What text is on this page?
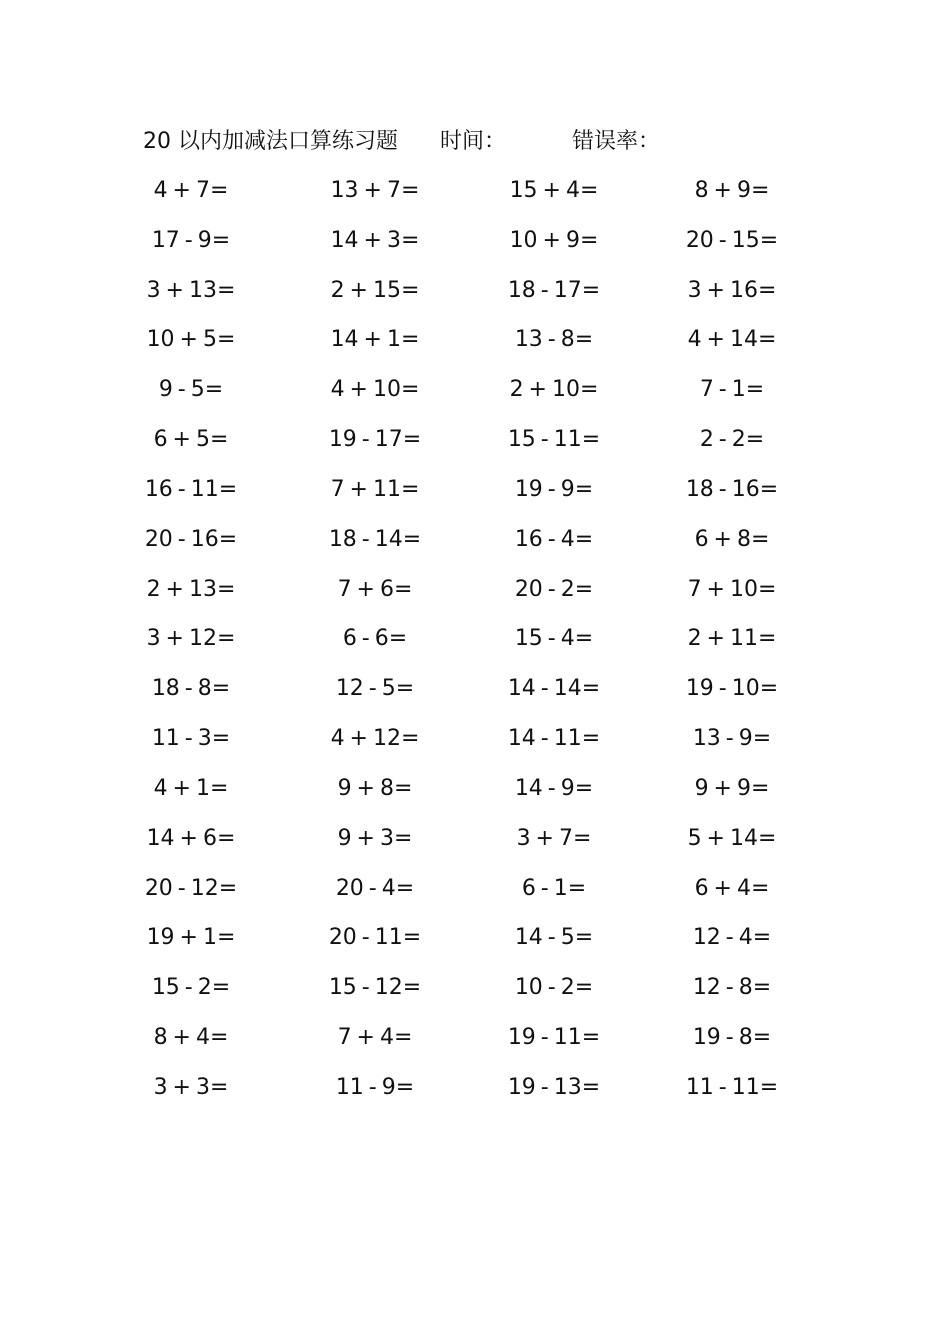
20 以内加减法口算练习题 时间：	错误率：
4 + 7=	13 + 7=	15 + 4=	8 + 9=
17 - 9=	14 + 3=	10 + 9=	20 - 15=
3 + 13=	2 + 15=	18 - 17=	3 + 16=
10 + 5=	14 + 1=	13 - 8=	4 + 14=
9 - 5=	4 + 10=	2 + 10=	7 - 1=
6 + 5=	19 - 17=	15 - 11=	2 - 2=
16 - 11=	7 + 11=	19 - 9=	18 - 16=
20 - 16=	18 - 14=	16 - 4=	6 + 8=
2 + 13=	7 + 6=	20 - 2=	7 + 10=
3 + 12=	6 - 6=	15 - 4=	2 + 11=
18 - 8=	12 - 5=	14 - 14=	19 - 10=
11 - 3=	4 + 12=	14 - 11=	13 - 9=
4 + 1=	9 + 8=	14 - 9=	9 + 9=
14 + 6=	9 + 3=	3 + 7=	5 + 14=
20 - 12=	20 - 4=	6 - 1=	6 + 4=
19 + 1=	20 - 11=	14 - 5=	12 - 4=
15 - 2=	15 - 12=	10 - 2=	12 - 8=
8 + 4=	7 + 4=	19 - 11=	19 - 8=
3 + 3=	11 - 9=	19 - 13=	11 - 11=
